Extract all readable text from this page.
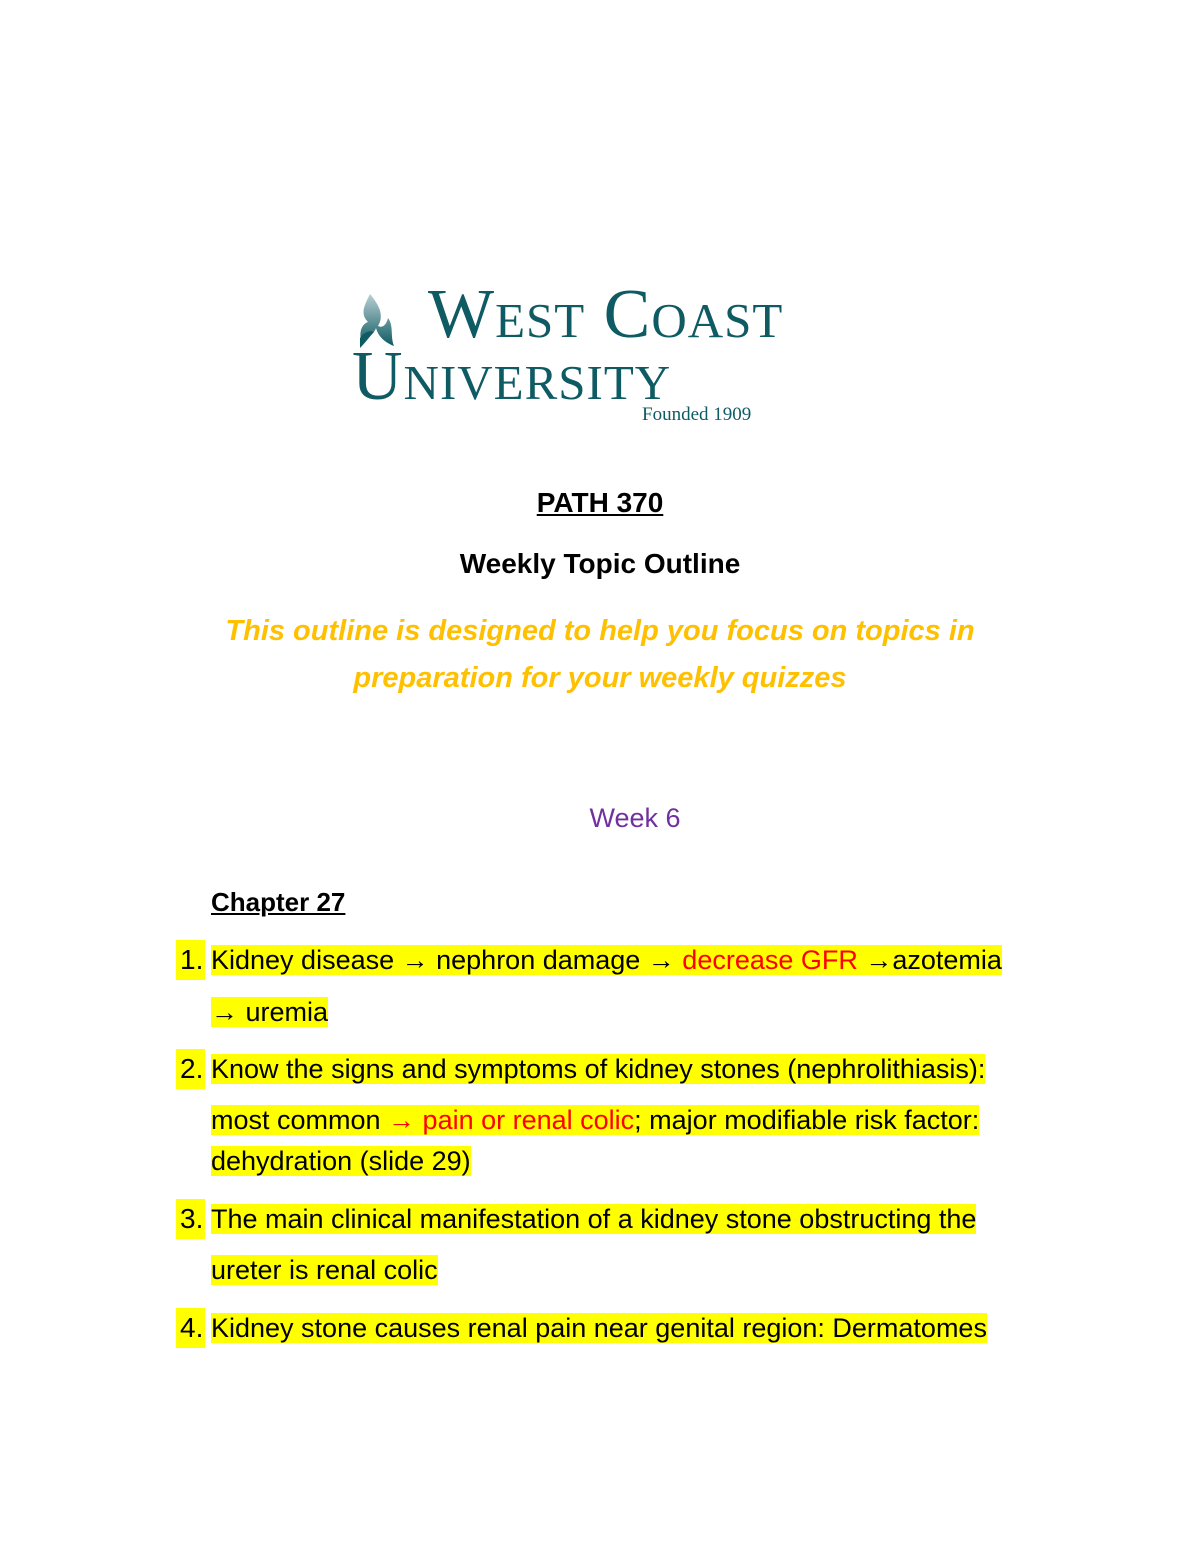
West Coast
University
Founded 1909
PATH 370
Weekly Topic Outline
This outline is designed to help you focus on topics in
preparation for your weekly quizzes
Week 6
Chapter 27
1. Kidney disease → nephron damage → decrease GFR →azotemia
→ uremia
2. Know the signs and symptoms of kidney stones (nephrolithiasis):
most common → pain or renal colic; major modifiable risk factor:
dehydration (slide 29)
3. The main clinical manifestation of a kidney stone obstructing the
ureter is renal colic
4. Kidney stone causes renal pain near genital region: Dermatomes
